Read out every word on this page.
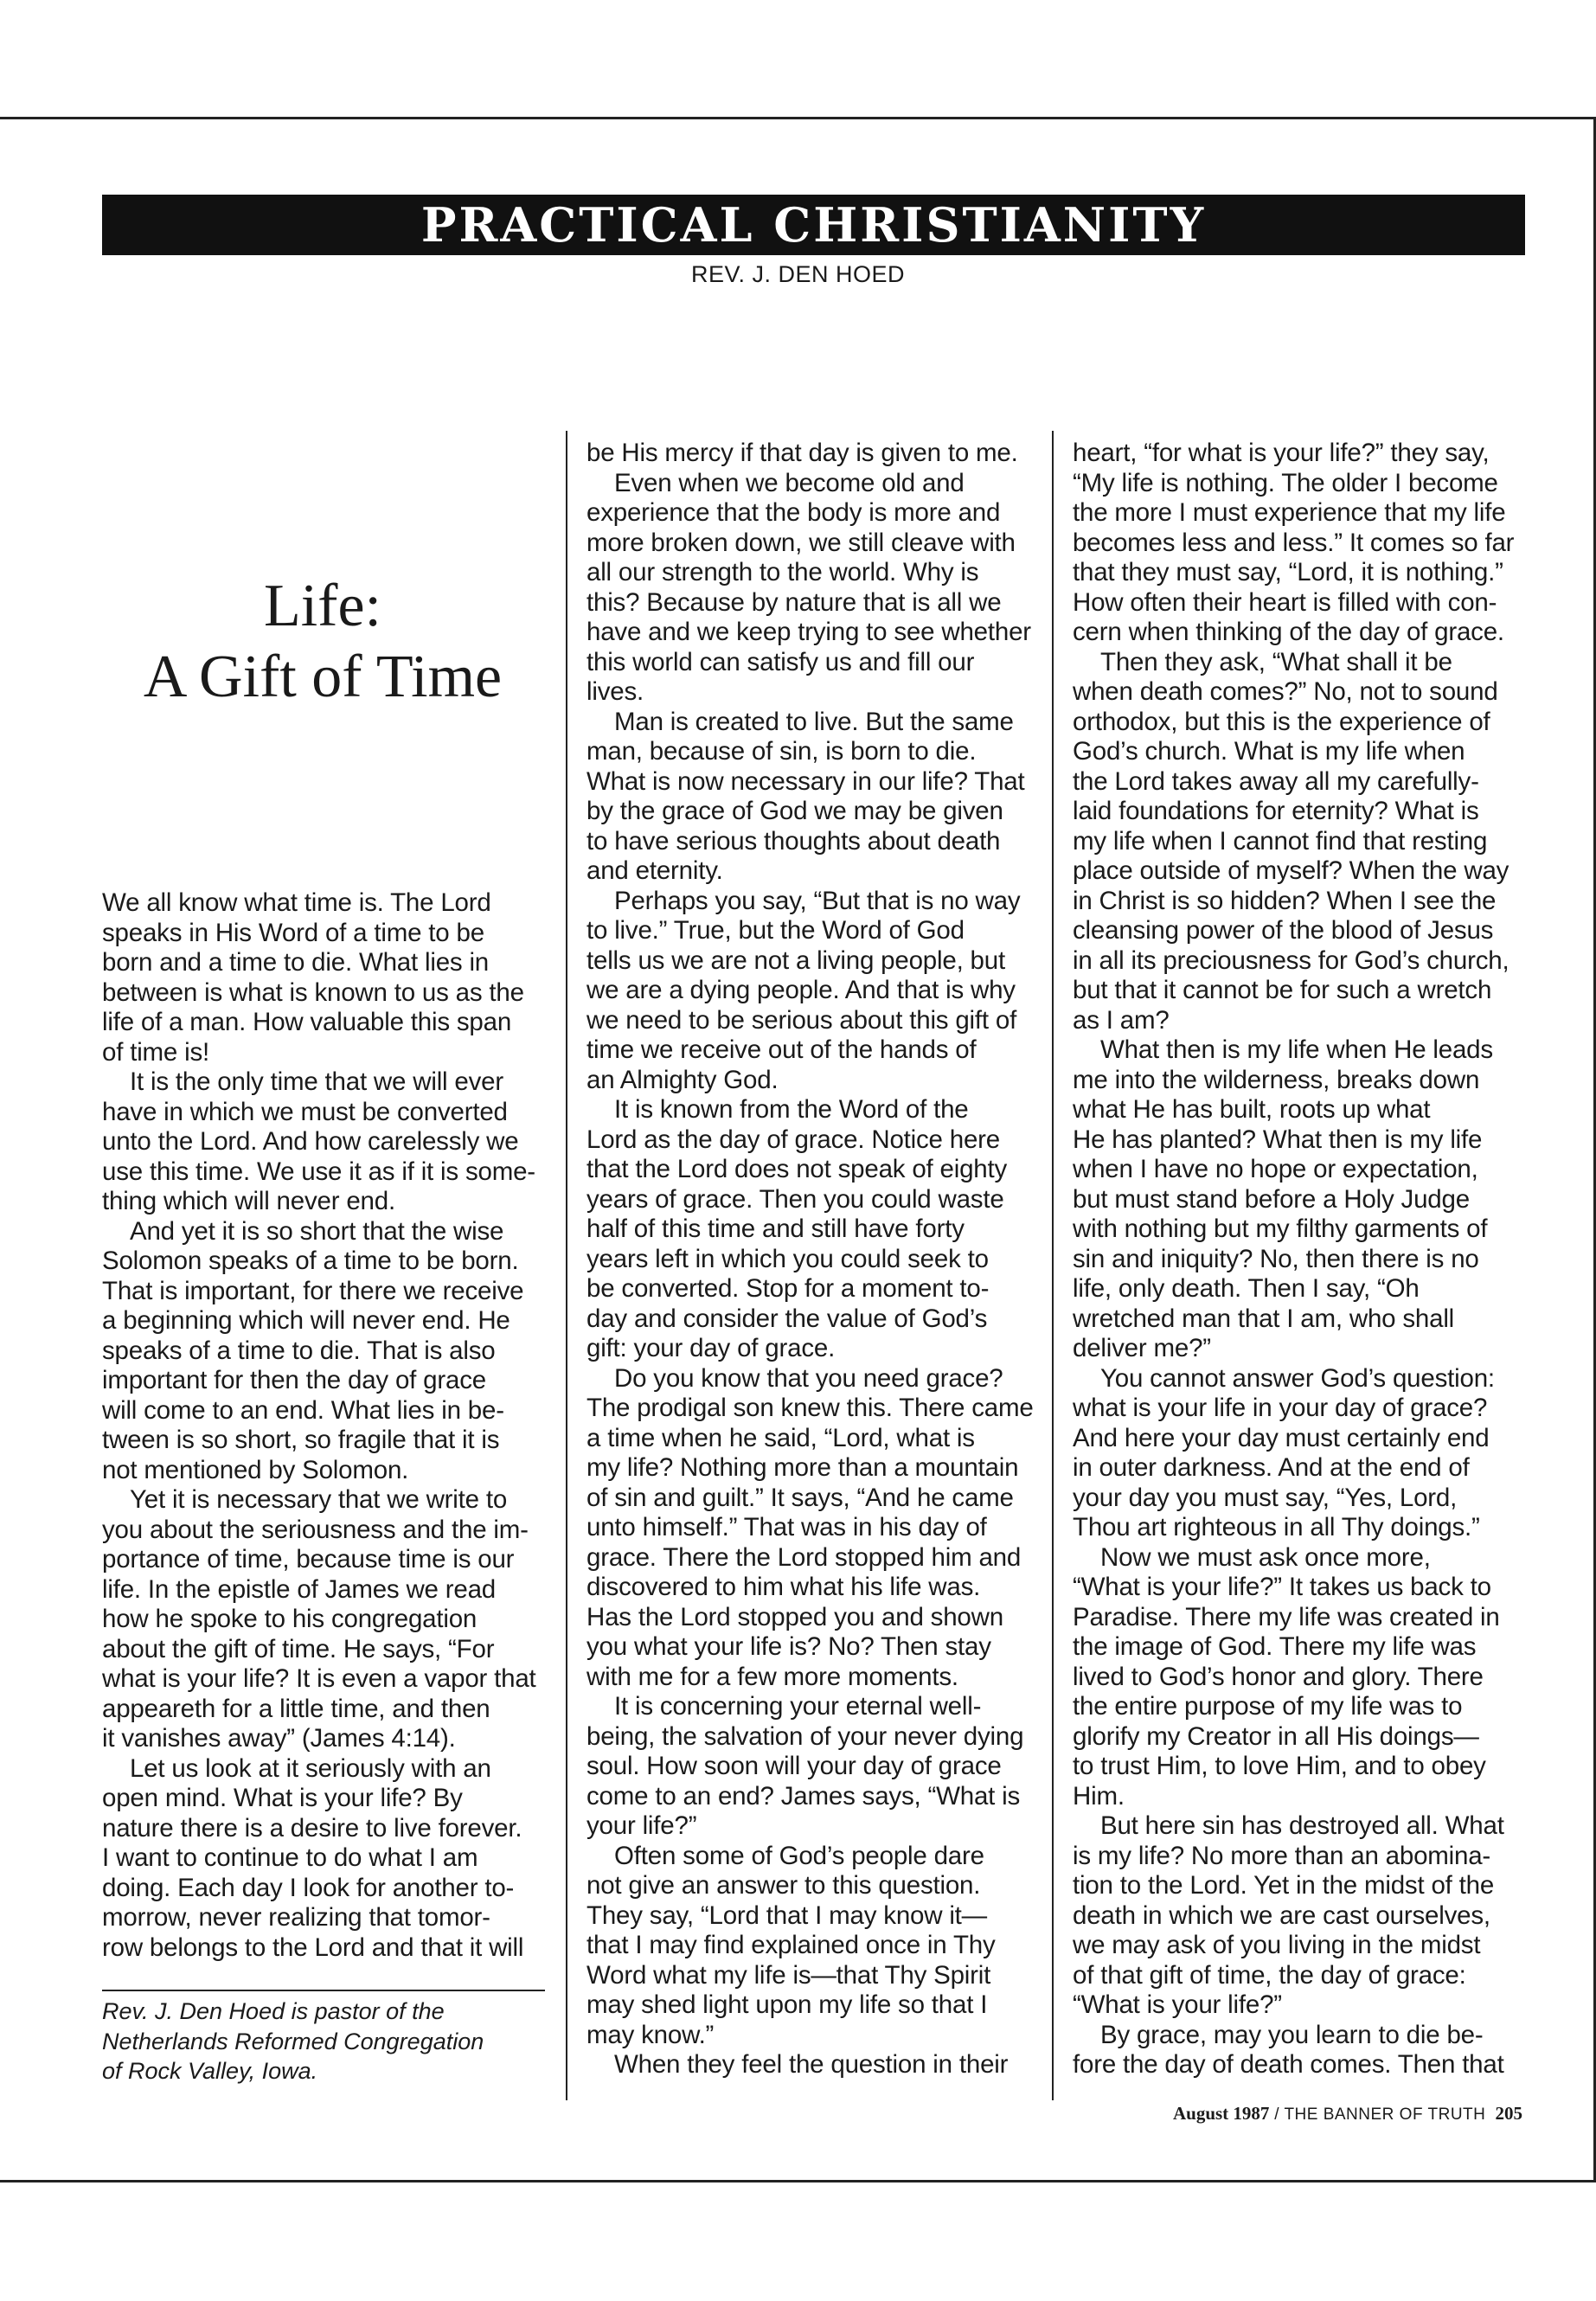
PRACTICAL CHRISTIANITY
REV. J. DEN HOED
Life:
A Gift of Time
We all know what time is. The Lord
speaks in His Word of a time to be
born and a time to die. What lies in
between is what is known to us as the
life of a man. How valuable this span
of time is!
It is the only time that we will ever
have in which we must be converted
unto the Lord. And how carelessly we
use this time. We use it as if it is some-
thing which will never end.
And yet it is so short that the wise
Solomon speaks of a time to be born.
That is important, for there we receive
a beginning which will never end. He
speaks of a time to die. That is also
important for then the day of grace
will come to an end. What lies in be-
tween is so short, so fragile that it is
not mentioned by Solomon.
Yet it is necessary that we write to
you about the seriousness and the im-
portance of time, because time is our
life. In the epistle of James we read
how he spoke to his congregation
about the gift of time. He says, “For
what is your life? It is even a vapor that
appeareth for a little time, and then
it vanishes away” (James 4:14).
Let us look at it seriously with an
open mind. What is your life? By
nature there is a desire to live forever.
I want to continue to do what I am
doing. Each day I look for another to-
morrow, never realizing that tomor-
row belongs to the Lord and that it will
be His mercy if that day is given to me.
Even when we become old and
experience that the body is more and
more broken down, we still cleave with
all our strength to the world. Why is
this? Because by nature that is all we
have and we keep trying to see whether
this world can satisfy us and fill our
lives.
Man is created to live. But the same
man, because of sin, is born to die.
What is now necessary in our life? That
by the grace of God we may be given
to have serious thoughts about death
and eternity.
Perhaps you say, “But that is no way
to live.” True, but the Word of God
tells us we are not a living people, but
we are a dying people. And that is why
we need to be serious about this gift of
time we receive out of the hands of
an Almighty God.
It is known from the Word of the
Lord as the day of grace. Notice here
that the Lord does not speak of eighty
years of grace. Then you could waste
half of this time and still have forty
years left in which you could seek to
be converted. Stop for a moment to-
day and consider the value of God’s
gift: your day of grace.
Do you know that you need grace?
The prodigal son knew this. There came
a time when he said, “Lord, what is
my life? Nothing more than a mountain
of sin and guilt.” It says, “And he came
unto himself.” That was in his day of
grace. There the Lord stopped him and
discovered to him what his life was.
Has the Lord stopped you and shown
you what your life is? No? Then stay
with me for a few more moments.
It is concerning your eternal well-
being, the salvation of your never dying
soul. How soon will your day of grace
come to an end? James says, “What is
your life?”
Often some of God’s people dare
not give an answer to this question.
They say, “Lord that I may know it—
that I may find explained once in Thy
Word what my life is—that Thy Spirit
may shed light upon my life so that I
may know.”
When they feel the question in their
heart, “for what is your life?” they say,
“My life is nothing. The older I become
the more I must experience that my life
becomes less and less.” It comes so far
that they must say, “Lord, it is nothing.”
How often their heart is filled with con-
cern when thinking of the day of grace.
Then they ask, “What shall it be
when death comes?” No, not to sound
orthodox, but this is the experience of
God’s church. What is my life when
the Lord takes away all my carefully-
laid foundations for eternity? What is
my life when I cannot find that resting
place outside of myself? When the way
in Christ is so hidden? When I see the
cleansing power of the blood of Jesus
in all its preciousness for God’s church,
but that it cannot be for such a wretch
as I am?
What then is my life when He leads
me into the wilderness, breaks down
what He has built, roots up what
He has planted? What then is my life
when I have no hope or expectation,
but must stand before a Holy Judge
with nothing but my filthy garments of
sin and iniquity? No, then there is no
life, only death. Then I say, “Oh
wretched man that I am, who shall
deliver me?”
You cannot answer God’s question:
what is your life in your day of grace?
And here your day must certainly end
in outer darkness. And at the end of
your day you must say, “Yes, Lord,
Thou art righteous in all Thy doings.”
Now we must ask once more,
“What is your life?” It takes us back to
Paradise. There my life was created in
the image of God. There my life was
lived to God’s honor and glory. There
the entire purpose of my life was to
glorify my Creator in all His doings—
to trust Him, to love Him, and to obey
Him.
But here sin has destroyed all. What
is my life? No more than an abomina-
tion to the Lord. Yet in the midst of the
death in which we are cast ourselves,
we may ask of you living in the midst
of that gift of time, the day of grace:
“What is your life?”
By grace, may you learn to die be-
fore the day of death comes. Then that
Rev. J. Den Hoed is pastor of the
Netherlands Reformed Congregation
of Rock Valley, Iowa.
August 1987 / THE BANNER OF TRUTH 205
